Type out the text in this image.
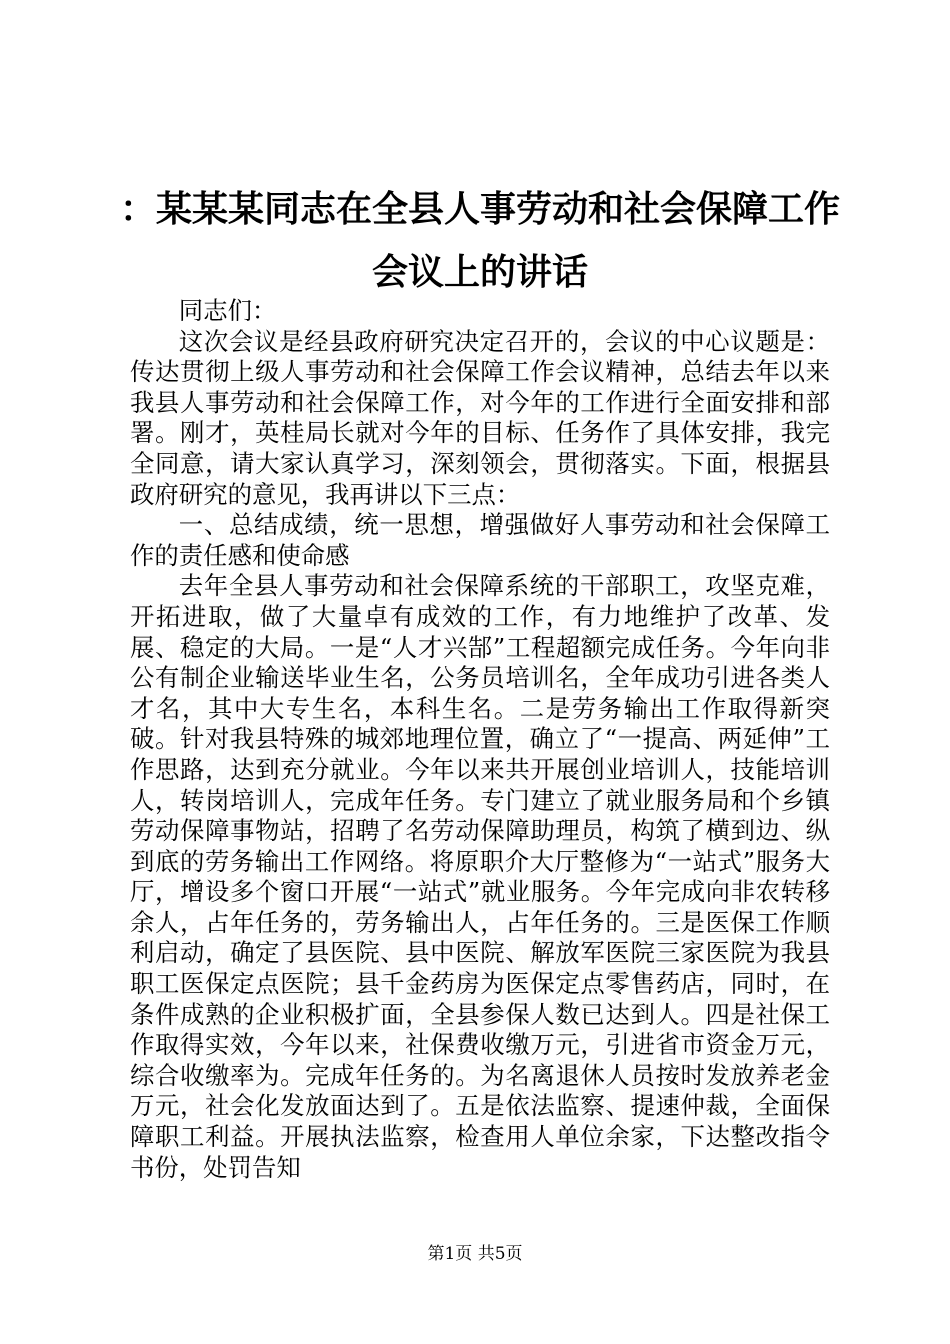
：某某某同志在全县人事劳动和社会保障工作
会议上的讲话

同志们：

这次会议是经县政府研究决定召开的，会议的中心议题是：传达贯彻上级人事劳动和社会保障工作会议精神，总结去年以来我县人事劳动和社会保障工作，对今年的工作进行全面安排和部署。刚才，英桂局长就对今年的目标、任务作了具体安排，我完全同意，请大家认真学习，深刻领会，贯彻落实。下面，根据县政府研究的意见，我再讲以下三点：

一、总结成绩，统一思想，增强做好人事劳动和社会保障工作的责任感和使命感

去年全县人事劳动和社会保障系统的干部职工，攻坚克难，开拓进取，做了大量卓有成效的工作，有力地维护了改革、发展、稳定的大局。一是“人才兴郜”工程超额完成任务。今年向非公有制企业输送毕业生名，公务员培训名，全年成功引进各类人才名，其中大专生名，本科生名。二是劳务输出工作取得新突破。针对我县特殊的城郊地理位置，确立了“一提高、两延伸”工作思路，达到充分就业。今年以来共开展创业培训人，技能培训人，转岗培训人，完成年任务。专门建立了就业服务局和个乡镇劳动保障事物站，招聘了名劳动保障助理员，构筑了横到边、纵到底的劳务输出工作网络。将原职介大厅整修为“一站式”服务大厅，增设多个窗口开展“一站式”就业服务。今年完成向非农转移余人，占年任务的，劳务输出人，占年任务的。三是医保工作顺利启动，确定了县医院、县中医院、解放军医院三家医院为我县职工医保定点医院；县千金药房为医保定点零售药店，同时，在条件成熟的企业积极扩面，全县参保人数已达到人。四是社保工作取得实效，今年以来，社保费收缴万元，引进省市资金万元，综合收缴率为。完成年任务的。为名离退休人员按时发放养老金万元，社会化发放面达到了。五是依法监察、提速仲裁，全面保障职工利益。开展执法监察，检查用人单位余家，下达整改指令书份，处罚告知

第1页 共5页
